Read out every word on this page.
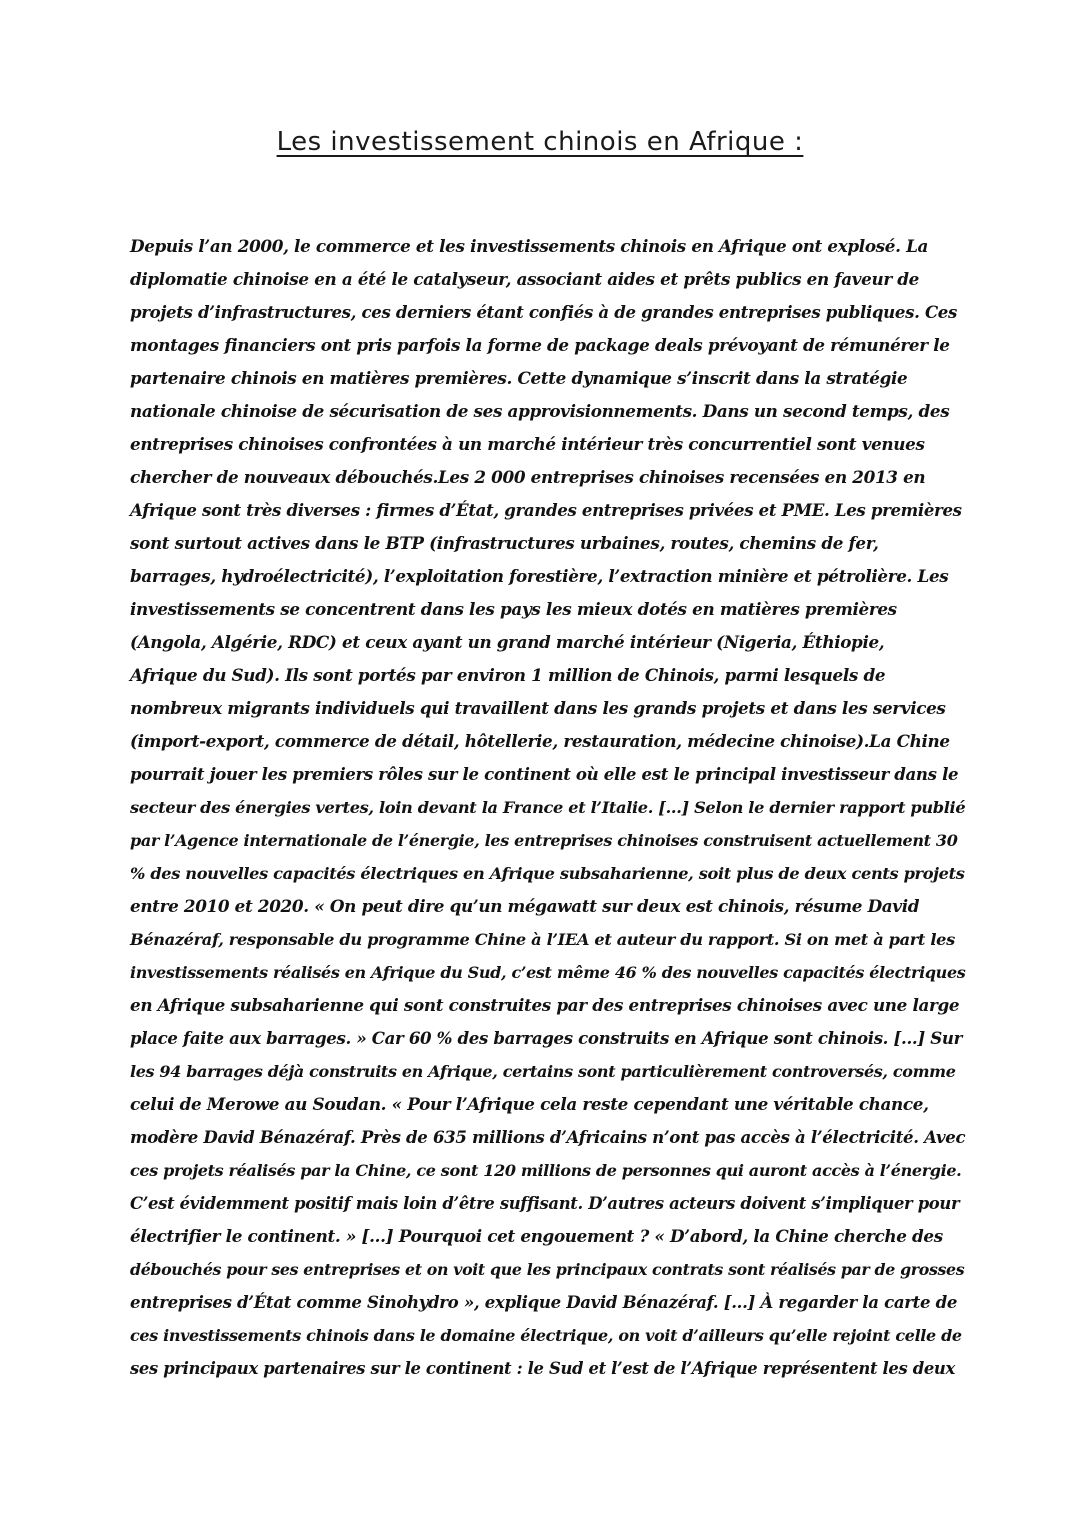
Les investissement chinois en Afrique :
Depuis l’an 2000, le commerce et les investissements chinois en Afrique ont explosé. La
diplomatie chinoise en a été le catalyseur, associant aides et prêts publics en faveur de
projets d’infrastructures, ces derniers étant confiés à de grandes entreprises publiques. Ces
montages financiers ont pris parfois la forme de package deals prévoyant de rémunérer le
partenaire chinois en matières premières. Cette dynamique s’inscrit dans la stratégie
nationale chinoise de sécurisation de ses approvisionnements. Dans un second temps, des
entreprises chinoises confrontées à un marché intérieur très concurrentiel sont venues
chercher de nouveaux débouchés.Les 2 000 entreprises chinoises recensées en 2013 en
Afrique sont très diverses : firmes d’État, grandes entreprises privées et PME. Les premières
sont surtout actives dans le BTP (infrastructures urbaines, routes, chemins de fer,
barrages, hydroélectricité), l’exploitation forestière, l’extraction minière et pétrolière. Les
investissements se concentrent dans les pays les mieux dotés en matières premières
(Angola, Algérie, RDC) et ceux ayant un grand marché intérieur (Nigeria, Éthiopie,
Afrique du Sud). Ils sont portés par environ 1 million de Chinois, parmi lesquels de
nombreux migrants individuels qui travaillent dans les grands projets et dans les services
(import-export, commerce de détail, hôtellerie, restauration, médecine chinoise).La Chine
pourrait jouer les premiers rôles sur le continent où elle est le principal investisseur dans le
secteur des énergies vertes, loin devant la France et l’Italie. [...] Selon le dernier rapport publié
par l’Agence internationale de l’énergie, les entreprises chinoises construisent actuellement 30
% des nouvelles capacités électriques en Afrique subsaharienne, soit plus de deux cents projets
entre 2010 et 2020. « On peut dire qu’un mégawatt sur deux est chinois, résume David
Bénazéraf, responsable du programme Chine à l’IEA et auteur du rapport. Si on met à part les
investissements réalisés en Afrique du Sud, c’est même 46 % des nouvelles capacités électriques
en Afrique subsaharienne qui sont construites par des entreprises chinoises avec une large
place faite aux barrages. » Car 60 % des barrages construits en Afrique sont chinois. [...] Sur
les 94 barrages déjà construits en Afrique, certains sont particulièrement controversés, comme
celui de Merowe au Soudan. « Pour l’Afrique cela reste cependant une véritable chance,
modère David Bénazéraf. Près de 635 millions d’Africains n’ont pas accès à l’électricité. Avec
ces projets réalisés par la Chine, ce sont 120 millions de personnes qui auront accès à l’énergie.
C’est évidemment positif mais loin d’être suffisant. D’autres acteurs doivent s’impliquer pour
électrifier le continent. » [...] Pourquoi cet engouement ? « D’abord, la Chine cherche des
débouchés pour ses entreprises et on voit que les principaux contrats sont réalisés par de grosses
entreprises d’État comme Sinohydro », explique David Bénazéraf. [...] À regarder la carte de
ces investissements chinois dans le domaine électrique, on voit d’ailleurs qu’elle rejoint celle de
ses principaux partenaires sur le continent : le Sud et l’est de l’Afrique représentent les deux
